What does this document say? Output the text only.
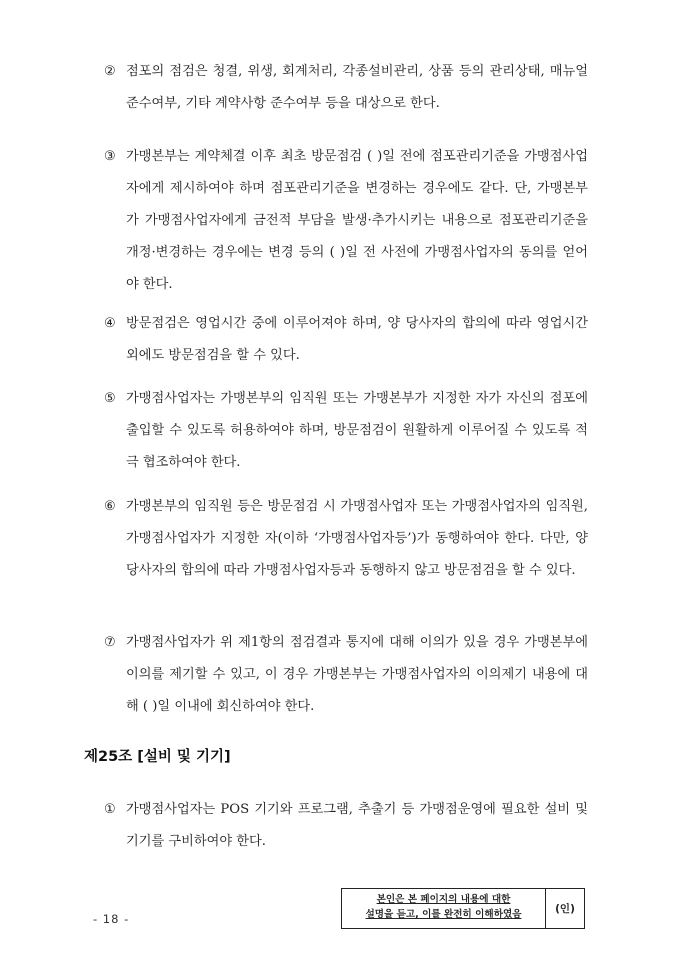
② 점포의 점검은 청결, 위생, 회계처리, 각종설비관리, 상품 등의 관리상태, 매뉴얼 준수여부, 기타 계약사항 준수여부 등을 대상으로 한다.
③ 가맹본부는 계약체결 이후 최초 방문점검 ( )일 전에 점포관리기준을 가맹점사업자에게 제시하여야 하며 점포관리기준을 변경하는 경우에도 같다. 단, 가맹본부가 가맹점사업자에게 금전적 부담을 발생·추가시키는 내용으로 점포관리기준을 개정·변경하는 경우에는 변경 등의 ( )일 전 사전에 가맹점사업자의 동의를 얻어야 한다.
④ 방문점검은 영업시간 중에 이루어져야 하며, 양 당사자의 합의에 따라 영업시간 외에도 방문점검을 할 수 있다.
⑤ 가맹점사업자는 가맹본부의 임직원 또는 가맹본부가 지정한 자가 자신의 점포에 출입할 수 있도록 허용하여야 하며, 방문점검이 원활하게 이루어질 수 있도록 적극 협조하여야 한다.
⑥ 가맹본부의 임직원 등은 방문점검 시 가맹점사업자 또는 가맹점사업자의 임직원, 가맹점사업자가 지정한 자(이하 ‘가맹점사업자등’)가 동행하여야 한다. 다만, 양 당사자의 합의에 따라 가맹점사업자등과 동행하지 않고 방문점검을 할 수 있다.
⑦ 가맹점사업자가 위 제1항의 점검결과 통지에 대해 이의가 있을 경우 가맹본부에 이의를 제기할 수 있고, 이 경우 가맹본부는 가맹점사업자의 이의제기 내용에 대해 ( )일 이내에 회신하여야 한다.
제25조 [설비 및 기기]
① 가맹점사업자는 POS 기기와 프로그램, 추출기 등 가맹점운영에 필요한 설비 및 기기를 구비하여야 한다.
- 18 -
본인은 본 페이지의 내용에 대한
설명을 듣고, 이를 완전히 이해하였음	(인)
